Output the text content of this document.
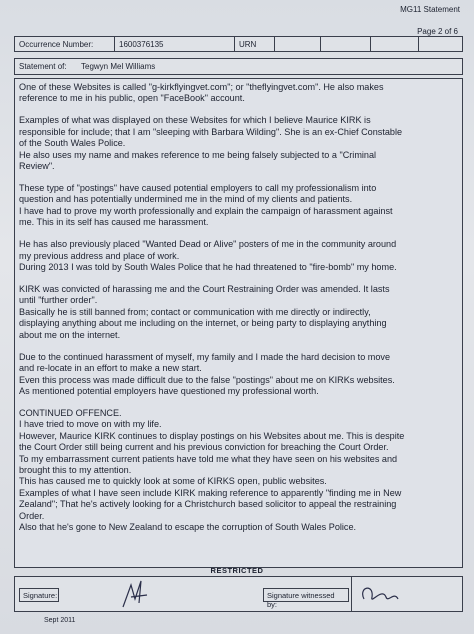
MG11 Statement
Page 2 of 6
Occurrence Number:	1600376135	URN
Statement of:	Tegwyn Mel Williams
One of these Websites is called "g-kirkflyingvet.com"; or "theflyingvet.com". He also makes
reference to me in his public, open "FaceBook" account.
Examples of what was displayed on these Websites for which I believe Maurice KIRK is
responsible for include; that I am "sleeping with Barbara Wilding". She is an ex-Chief Constable
of the South Wales Police.
He also uses my name and makes reference to me being falsely subjected to a "Criminal
Review".
These type of "postings" have caused potential employers to call my professionalism into
question and has potentially undermined me in the mind of my clients and patients.
I have had to prove my worth professionally and explain the campaign of harassment against
me. This in its self has caused me harassment.
He has also previously placed "Wanted Dead or Alive" posters of me in the community around
my previous address and place of work.
During 2013 I was told by South Wales Police that he had threatened to "fire-bomb" my home.
KIRK was convicted of harassing me and the Court Restraining Order was amended. It lasts
until "further order".
Basically he is still banned from; contact or communication with me directly or indirectly,
displaying anything about me including on the internet, or being party to displaying anything
about me on the internet.
Due to the continued harassment of myself, my family and I made the hard decision to move
and re-locate in an effort to make a new start.
Even this process was made difficult due to the false "postings" about me on KIRKs websites.
As mentioned potential employers have questioned my professional worth.
CONTINUED OFFENCE.
I have tried to move on with my life.
However, Maurice KIRK continues to display postings on his Websites about me. This is despite
the Court Order still being current and his previous conviction for breaching the Court Order.
To my embarrassment current patients have told me what they have seen on his websites and
brought this to my attention.
This has caused me to quickly look at some of KIRKS open, public websites.
Examples of what I have seen include KIRK making reference to apparently "finding me in New
Zealand"; That he's actively looking for a Christchurch based solicitor to appeal the restraining
Order.
Also that he's gone to New Zealand to escape the corruption of South Wales Police.
RESTRICTED
Signature:	Signature witnessed by:
Sept 2011
